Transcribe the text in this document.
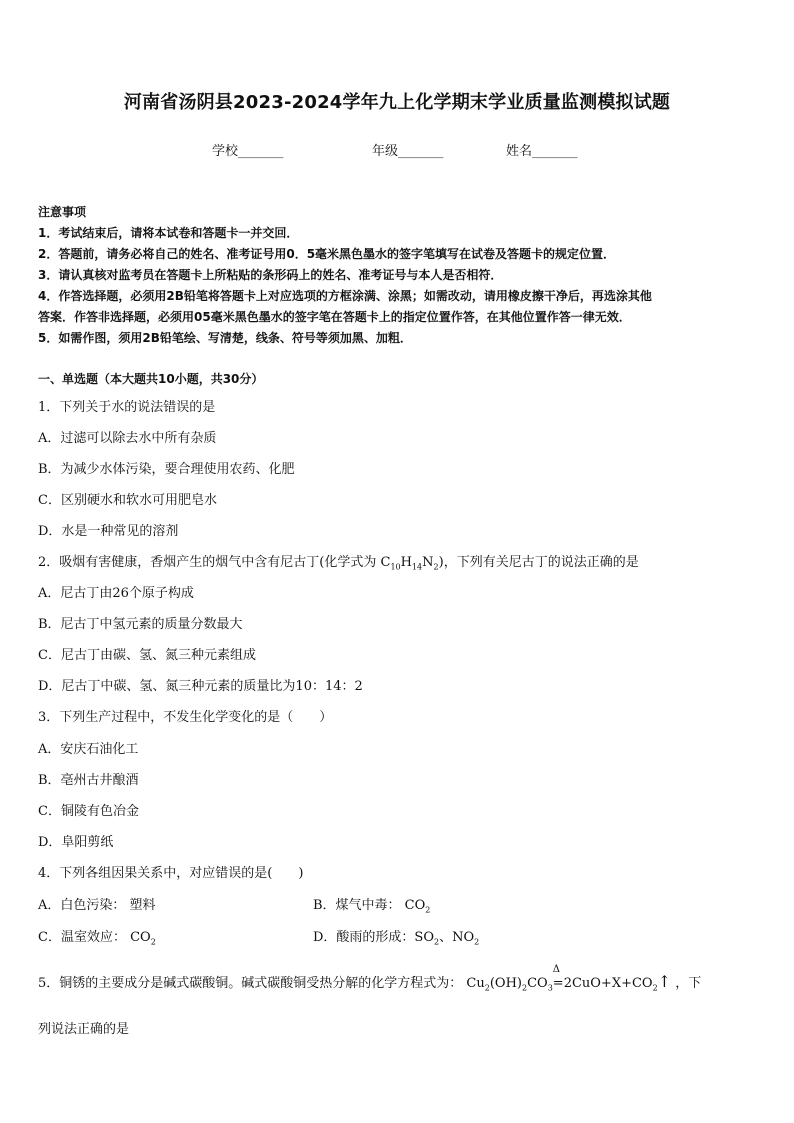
河南省汤阴县2023-2024学年九上化学期末学业质量监测模拟试题
学校_______	年级_______	姓名_______
注意事项
1．考试结束后，请将本试卷和答题卡一并交回．
2．答题前，请务必将自己的姓名、准考证号用0．5毫米黑色墨水的签字笔填写在试卷及答题卡的规定位置．
3．请认真核对监考员在答题卡上所粘贴的条形码上的姓名、准考证号与本人是否相符．
4．作答选择题，必须用2B铅笔将答题卡上对应选项的方框涂满、涂黑；如需改动，请用橡皮擦干净后，再选涂其他
答案．作答非选择题，必须用05毫米黑色墨水的签字笔在答题卡上的指定位置作答，在其他位置作答一律无效．
5．如需作图，须用2B铅笔绘、写清楚，线条、符号等须加黑、加粗．
一、单选题（本大题共10小题，共30分）
1．下列关于水的说法错误的是
A．过滤可以除去水中所有杂质
B．为减少水体污染，要合理使用农药、化肥
C．区别硬水和软水可用肥皂水
D．水是一种常见的溶剂
2．吸烟有害健康，香烟产生的烟气中含有尼古丁(化学式为 $C_{10}H_{14}N_2$)，下列有关尼古丁的说法正确的是
A．尼古丁由26个原子构成
B．尼古丁中氢元素的质量分数最大
C．尼古丁由碳、氢、氮三种元素组成
D．尼古丁中碳、氢、氮三种元素的质量比为10：14：2
3．下列生产过程中，不发生化学变化的是（　　）
A．安庆石油化工
B．亳州古井酿酒
C．铜陵有色冶金
D．阜阳剪纸
4．下列各组因果关系中，对应错误的是(　　)
A．白色污染： 塑料	B．煤气中毒： $CO_2$
C．温室效应： $CO_2$	D．酸雨的形成：$SO_2$、$NO_2$
5．铜锈的主要成分是碱式碳酸铜。碱式碳酸铜受热分解的化学方程式为： $Cu_2(OH)_2CO_3$
Δ
$=2CuO+X+CO_2↑$ ，下
列说法正确的是
